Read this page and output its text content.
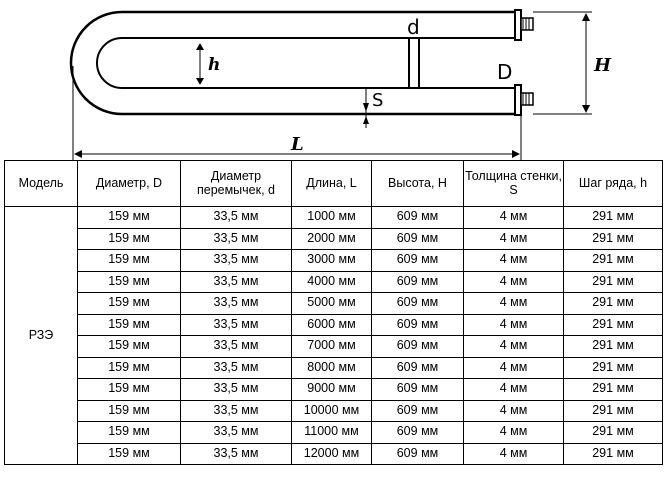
h
d
D
S
H
L
Модель	Диаметр, D	Диаметр перемычек, d	Длина, L	Высота, H	Толщина стенки, S	Шаг ряда, h
РЗЭ	159 мм	33,5 мм	1000 мм	609 мм	4 мм	291 мм
	159 мм	33,5 мм	2000 мм	609 мм	4 мм	291 мм
	159 мм	33,5 мм	3000 мм	609 мм	4 мм	291 мм
	159 мм	33,5 мм	4000 мм	609 мм	4 мм	291 мм
	159 мм	33,5 мм	5000 мм	609 мм	4 мм	291 мм
	159 мм	33,5 мм	6000 мм	609 мм	4 мм	291 мм
	159 мм	33,5 мм	7000 мм	609 мм	4 мм	291 мм
	159 мм	33,5 мм	8000 мм	609 мм	4 мм	291 мм
	159 мм	33,5 мм	9000 мм	609 мм	4 мм	291 мм
	159 мм	33,5 мм	10000 мм	609 мм	4 мм	291 мм
	159 мм	33,5 мм	11000 мм	609 мм	4 мм	291 мм
	159 мм	33,5 мм	12000 мм	609 мм	4 мм	291 мм
